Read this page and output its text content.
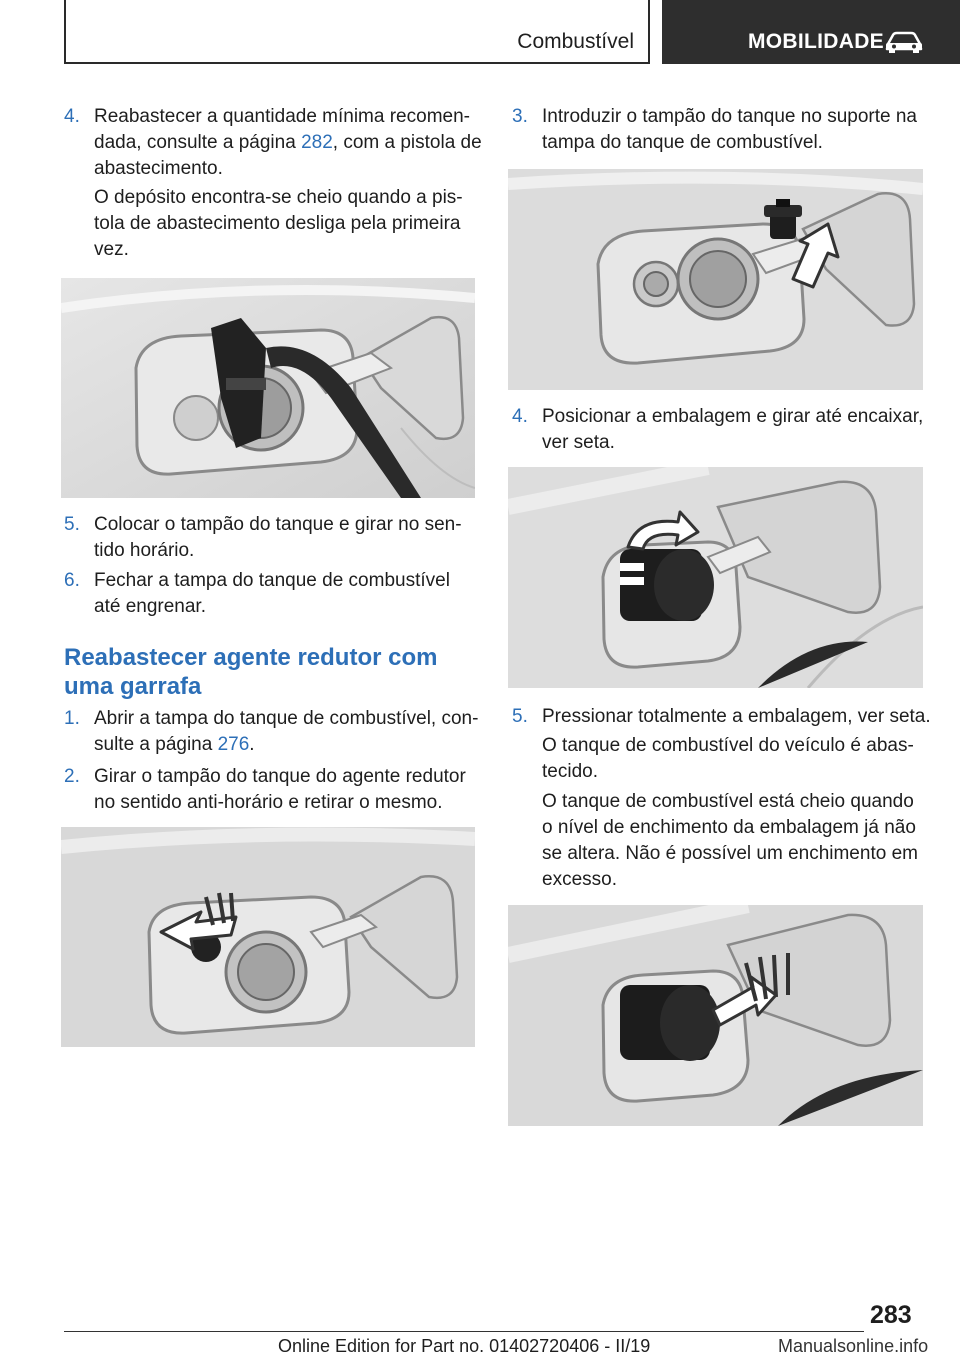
Combustível	MOBILIDADE
4. Reabastecer a quantidade mínima recomen-
dada, consulte a página 282, com a pistola de
abastecimento.
O depósito encontra-se cheio quando a pis-
tola de abastecimento desliga pela primeira
vez.
5. Colocar o tampão do tanque e girar no sen-
tido horário.
6. Fechar a tampa do tanque de combustível
até engrenar.
Reabastecer agente redutor com
uma garrafa
1. Abrir a tampa do tanque de combustível, con-
sulte a página 276.
2. Girar o tampão do tanque do agente redutor
no sentido anti-horário e retirar o mesmo.
3. Introduzir o tampão do tanque no suporte na
tampa do tanque de combustível.
4. Posicionar a embalagem e girar até encaixar,
ver seta.
5. Pressionar totalmente a embalagem, ver seta.
O tanque de combustível do veículo é abas-
tecido.
O tanque de combustível está cheio quando
o nível de enchimento da embalagem já não
se altera. Não é possível um enchimento em
excesso.
283
Online Edition for Part no. 01402720406 - II/19	Manualsonline.info
